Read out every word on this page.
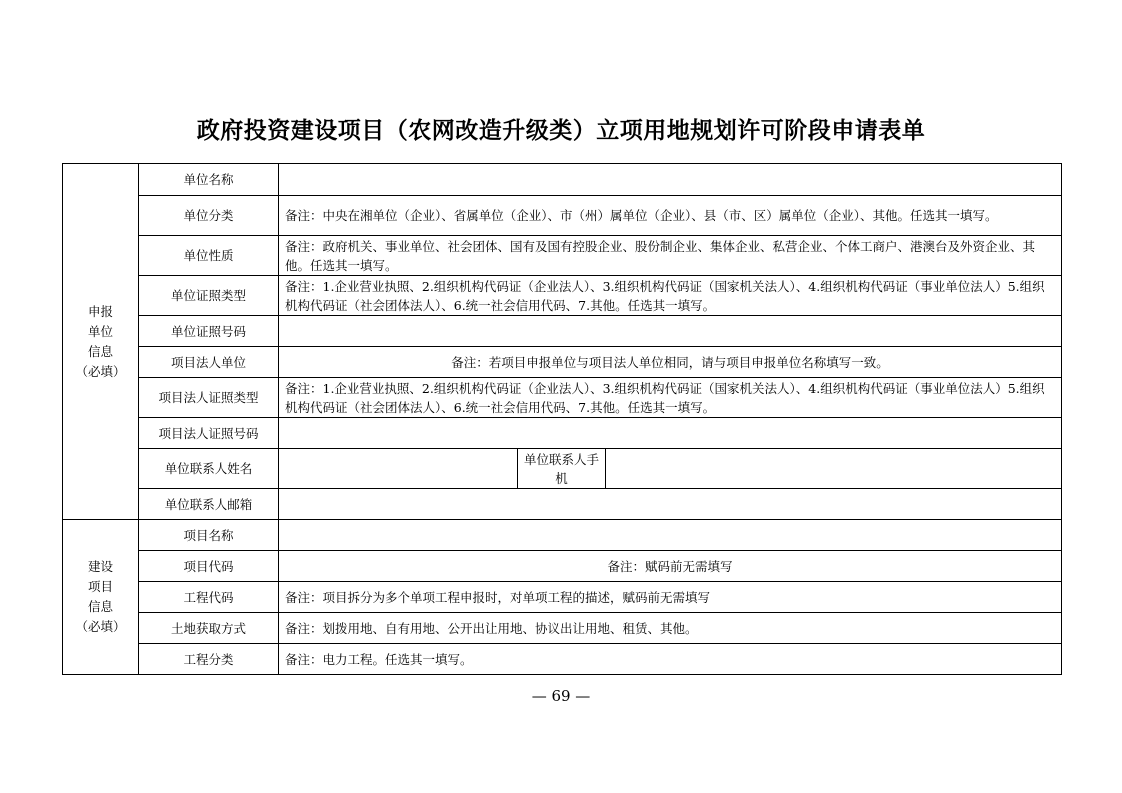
政府投资建设项目（农网改造升级类）立项用地规划许可阶段申请表单
申报
单位
信息
（必填）	单位名称			
	单位分类	备注：中央在湘单位（企业）、省属单位（企业）、市（州）属单位（企业）、县（市、区）属单位（企业）、其他。任选其一填写。		
	单位性质	备注：政府机关、事业单位、社会团体、国有及国有控股企业、股份制企业、集体企业、私营企业、个体工商户、港澳台及外资企业、其他。任选其一填写。		
	单位证照类型	备注：1.企业营业执照、2.组织机构代码证（企业法人）、3.组织机构代码证（国家机关法人）、4.组织机构代码证（事业单位法人）5.组织机构代码证（社会团体法人）、6.统一社会信用代码、7.其他。任选其一填写。		
	单位证照号码			
	项目法人单位	备注：若项目申报单位与项目法人单位相同，请与项目申报单位名称填写一致。		
	项目法人证照类型	备注：1.企业营业执照、2.组织机构代码证（企业法人）、3.组织机构代码证（国家机关法人）、4.组织机构代码证（事业单位法人）5.组织机构代码证（社会团体法人）、6.统一社会信用代码、7.其他。任选其一填写。		
	项目法人证照号码			
	单位联系人姓名		单位联系人手机	
	单位联系人邮箱			

建设
项目
信息
（必填）	项目名称			
	项目代码	备注：赋码前无需填写		
	工程代码	备注：项目拆分为多个单项工程申报时，对单项工程的描述，赋码前无需填写		
	土地获取方式	备注：划拨用地、自有用地、公开出让用地、协议出让用地、租赁、其他。		
	工程分类	备注：电力工程。任选其一填写。		
— 69 —
